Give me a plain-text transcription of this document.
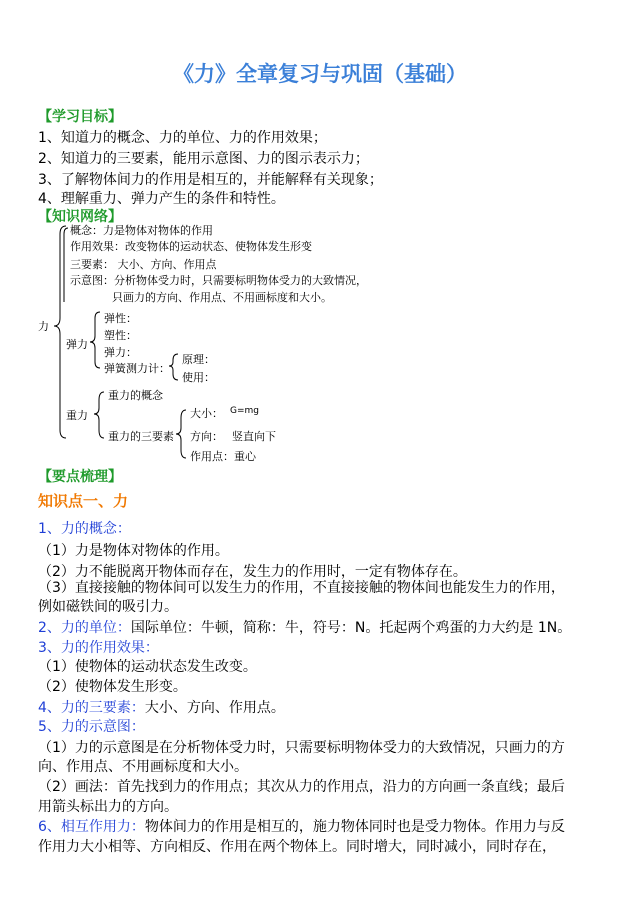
《力》全章复习与巩固（基础）
【学习目标】
1、知道力的概念、力的单位、力的作用效果；
2、知道力的三要素，能用示意图、力的图示表示力；
3、了解物体间力的作用是相互的，并能解释有关现象；
4、理解重力、弹力产生的条件和特性。
【知识网络】
力
概念：力是物体对物体的作用
作用效果：改变物体的运动状态、使物体发生形变
三要素： 大小、方向、作用点
示意图：分析物体受力时，只需要标明物体受力的大致情况，
只画力的方向、作用点、不用画标度和大小。
弹力
弹性：
塑性：
弹力：
弹簧测力计：
原理：
使用：
重力
重力的概念
重力的三要素
大小： G=mg
方向： 竖直向下
作用点：重心
【要点梳理】
知识点一、力
1、力的概念：
（1）力是物体对物体的作用。
（2）力不能脱离开物体而存在，发生力的作用时，一定有物体存在。
（3）直接接触的物体间可以发生力的作用，不直接接触的物体间也能发生力的作用，
例如磁铁间的吸引力。
2、力的单位：国际单位：牛顿，简称：牛，符号：N。托起两个鸡蛋的力大约是 1N。
3、力的作用效果：
（1）使物体的运动状态发生改变。
（2）使物体发生形变。
4、力的三要素：大小、方向、作用点。
5、力的示意图：
（1）力的示意图是在分析物体受力时，只需要标明物体受力的大致情况，只画力的方
向、作用点、不用画标度和大小。
（2）画法：首先找到力的作用点；其次从力的作用点，沿力的方向画一条直线；最后
用箭头标出力的方向。
6、相互作用力：物体间力的作用是相互的，施力物体同时也是受力物体。作用力与反
作用力大小相等、方向相反、作用在两个物体上。同时增大，同时减小，同时存在，
